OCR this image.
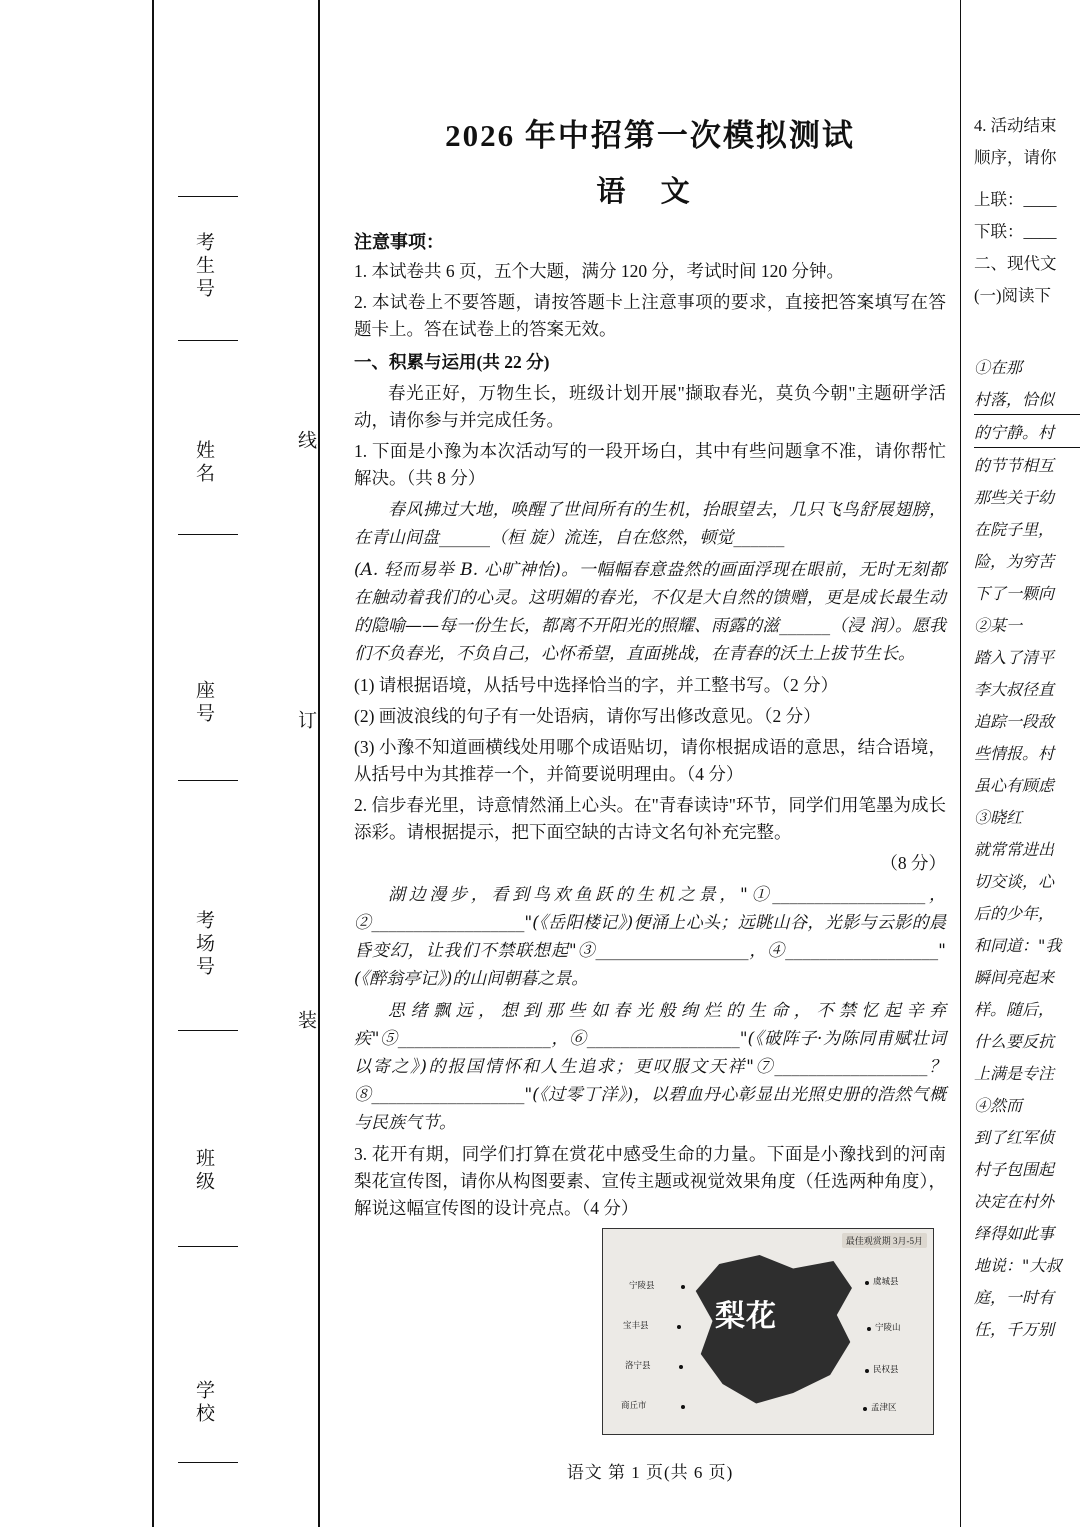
考生号
姓名
座号
考场号
班级
学校
线
订
装
2026 年中招第一次模拟测试
语 文
注意事项：
1. 本试卷共 6 页，五个大题，满分 120 分，考试时间 120 分钟。
2. 本试卷上不要答题，请按答题卡上注意事项的要求，直接把答案填写在答题卡上。答在试卷上的答案无效。
一、积累与运用(共 22 分)
春光正好，万物生长，班级计划开展"撷取春光，莫负今朝"主题研学活动，请你参与并完成任务。
1. 下面是小豫为本次活动写的一段开场白，其中有些问题拿不准，请你帮忙解决。（共 8 分）
春风拂过大地，唤醒了世间所有的生机，抬眼望去，几只飞鸟舒展翅膀，在青山间盘______（桓 旋）流连，自在悠然，顿觉______
(A. 轻而易举 B. 心旷神怡)。一幅幅春意盎然的画面浮现在眼前，无时无刻都在触动着我们的心灵。这明媚的春光，不仅是大自然的馈赠，更是成长最生动的隐喻——每一份生长，都离不开阳光的照耀、雨露的滋______（浸 润）。愿我们不负春光，不负自己，心怀希望，直面挑战，在青春的沃土上拔节生长。
(1) 请根据语境，从括号中选择恰当的字，并工整书写。（2 分）
(2) 画波浪线的句子有一处语病，请你写出修改意见。（2 分）
(3) 小豫不知道画横线处用哪个成语贴切，请你根据成语的意思，结合语境，从括号中为其推荐一个，并简要说明理由。（4 分）
2. 信步春光里，诗意情然涌上心头。在"青春读诗"环节，同学们用笔墨为成长添彩。请根据提示，把下面空缺的古诗文名句补充完整。
（8 分）
湖边漫步，看到鸟欢鱼跃的生机之景，"①__________________，②__________________"(《岳阳楼记》)便涌上心头；远眺山谷，光影与云影的晨昏变幻，让我们不禁联想起"③__________________，④__________________"(《醉翁亭记》)的山间朝暮之景。
思绪飘远，想到那些如春光般绚烂的生命，不禁忆起辛弃疾"⑤__________________，⑥__________________"(《破阵子·为陈同甫赋壮词以寄之》)的报国情怀和人生追求；更叹服文天祥"⑦__________________？⑧__________________"(《过零丁洋》)，以碧血丹心彰显出光照史册的浩然气概与民族气节。
3. 花开有期，同学们打算在赏花中感受生命的力量。下面是小豫找到的河南梨花宣传图，请你从构图要素、宣传主题或视觉效果角度（任选两种角度），解说这幅宣传图的设计亮点。（4 分）
最佳观赏期 3月-5月
梨花
宁陵县	虞城县
宝丰县	宁陵山
洛宁县	民权县
商丘市	孟津区
语文 第 1 页(共 6 页)
4. 活动结束
顺序，请你
上联：____
下联：____
二、现代文
(一)阅读下
①在那
村落，恰似
的宁静。村
的节节相互
那些关于幼
在院子里，
险，为穷苦
下了一颗向
②某一
踏入了清平
李大叔径直
追踪一段敌
些情报。村
虽心有顾虑
③晓红
就常常进出
切交谈，心
后的少年，
和同道："我
瞬间亮起来
样。随后，
什么要反抗
上满是专注
④然而
到了红军侦
村子包围起
决定在村外
绎得如此事
地说："大叔
庭，一时有
任，千万别
